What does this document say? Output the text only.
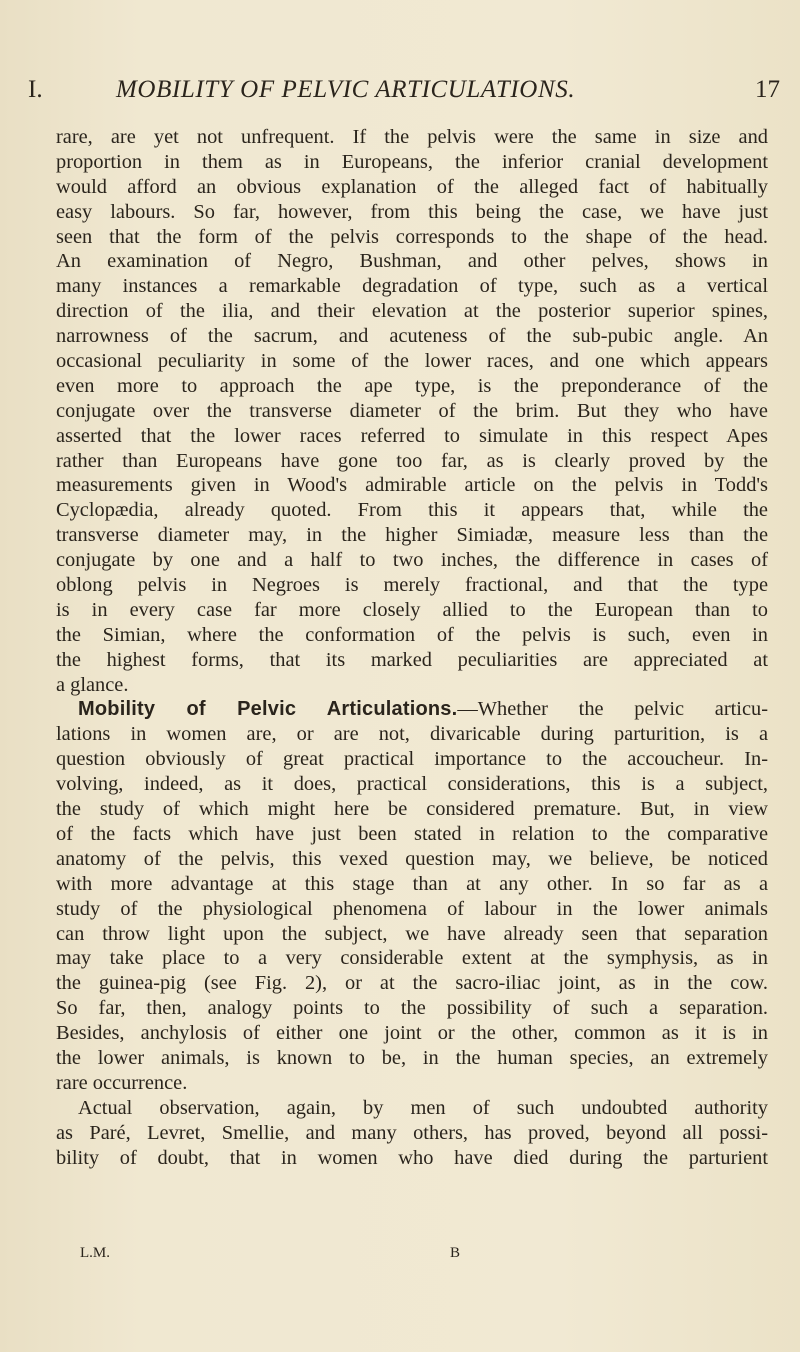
I.	MOBILITY OF PELVIC ARTICULATIONS.	17
rare, are yet not unfrequent. If the pelvis were the same in size and
proportion in them as in Europeans, the inferior cranial development
would afford an obvious explanation of the alleged fact of habitually
easy labours. So far, however, from this being the case, we have just
seen that the form of the pelvis corresponds to the shape of the head.
An examination of Negro, Bushman, and other pelves, shows in
many instances a remarkable degradation of type, such as a vertical
direction of the ilia, and their elevation at the posterior superior spines,
narrowness of the sacrum, and acuteness of the sub-pubic angle. An
occasional peculiarity in some of the lower races, and one which appears
even more to approach the ape type, is the preponderance of the
conjugate over the transverse diameter of the brim. But they who have
asserted that the lower races referred to simulate in this respect Apes
rather than Europeans have gone too far, as is clearly proved by the
measurements given in Wood's admirable article on the pelvis in Todd's
Cyclopædia, already quoted. From this it appears that, while the
transverse diameter may, in the higher Simiadæ, measure less than the
conjugate by one and a half to two inches, the difference in cases of
oblong pelvis in Negroes is merely fractional, and that the type
is in every case far more closely allied to the European than to
the Simian, where the conformation of the pelvis is such, even in
the highest forms, that its marked peculiarities are appreciated at
a glance.
Mobility of Pelvic Articulations.—Whether the pelvic articu-
lations in women are, or are not, divaricable during parturition, is a
question obviously of great practical importance to the accoucheur. In-
volving, indeed, as it does, practical considerations, this is a subject,
the study of which might here be considered premature. But, in view
of the facts which have just been stated in relation to the comparative
anatomy of the pelvis, this vexed question may, we believe, be noticed
with more advantage at this stage than at any other. In so far as a
study of the physiological phenomena of labour in the lower animals
can throw light upon the subject, we have already seen that separation
may take place to a very considerable extent at the symphysis, as in
the guinea-pig (see Fig. 2), or at the sacro-iliac joint, as in the cow.
So far, then, analogy points to the possibility of such a separation.
Besides, anchylosis of either one joint or the other, common as it is in
the lower animals, is known to be, in the human species, an extremely
rare occurrence.
Actual observation, again, by men of such undoubted authority
as Paré, Levret, Smellie, and many others, has proved, beyond all possi-
bility of doubt, that in women who have died during the parturient
L.M.	B
